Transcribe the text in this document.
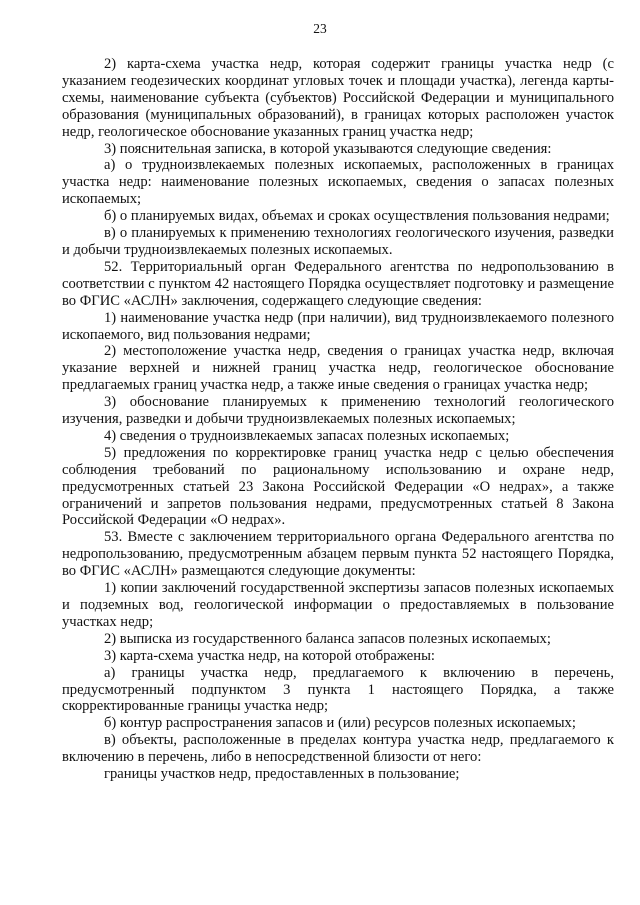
23

2) карта-схема участка недр, которая содержит границы участка недр (с указанием геодезических координат угловых точек и площади участка), легенда карты-схемы, наименование субъекта (субъектов) Российской Федерации и муниципального образования (муниципальных образований), в границах которых расположен участок недр, геологическое обоснование указанных границ участка недр;

3) пояснительная записка, в которой указываются следующие сведения:

а) о трудноизвлекаемых полезных ископаемых, расположенных в границах участка недр: наименование полезных ископаемых, сведения о запасах полезных ископаемых;

б) о планируемых видах, объемах и сроках осуществления пользования недрами;

в) о планируемых к применению технологиях геологического изучения, разведки и добычи трудноизвлекаемых полезных ископаемых.

52. Территориальный орган Федерального агентства по недропользованию в соответствии с пунктом 42 настоящего Порядка осуществляет подготовку и размещение во ФГИС «АСЛН» заключения, содержащего следующие сведения:

1) наименование участка недр (при наличии), вид трудноизвлекаемого полезного ископаемого, вид пользования недрами;

2) местоположение участка недр, сведения о границах участка недр, включая указание верхней и нижней границ участка недр, геологическое обоснование предлагаемых границ участка недр, а также иные сведения о границах участка недр;

3) обоснование планируемых к применению технологий геологического изучения, разведки и добычи трудноизвлекаемых полезных ископаемых;

4) сведения о трудноизвлекаемых запасах полезных ископаемых;

5) предложения по корректировке границ участка недр с целью обеспечения соблюдения требований по рациональному использованию и охране недр, предусмотренных статьей 23 Закона Российской Федерации «О недрах», а также ограничений и запретов пользования недрами, предусмотренных статьей 8 Закона Российской Федерации «О недрах».

53. Вместе с заключением территориального органа Федерального агентства по недропользованию, предусмотренным абзацем первым пункта 52 настоящего Порядка, во ФГИС «АСЛН» размещаются следующие документы:

1) копии заключений государственной экспертизы запасов полезных ископаемых и подземных вод, геологической информации о предоставляемых в пользование участках недр;

2) выписка из государственного баланса запасов полезных ископаемых;

3) карта-схема участка недр, на которой отображены:

а) границы участка недр, предлагаемого к включению в перечень, предусмотренный подпунктом 3 пункта 1 настоящего Порядка, а также скорректированные границы участка недр;

б) контур распространения запасов и (или) ресурсов полезных ископаемых;

в) объекты, расположенные в пределах контура участка недр, предлагаемого к включению в перечень, либо в непосредственной близости от него:

границы участков недр, предоставленных в пользование;
